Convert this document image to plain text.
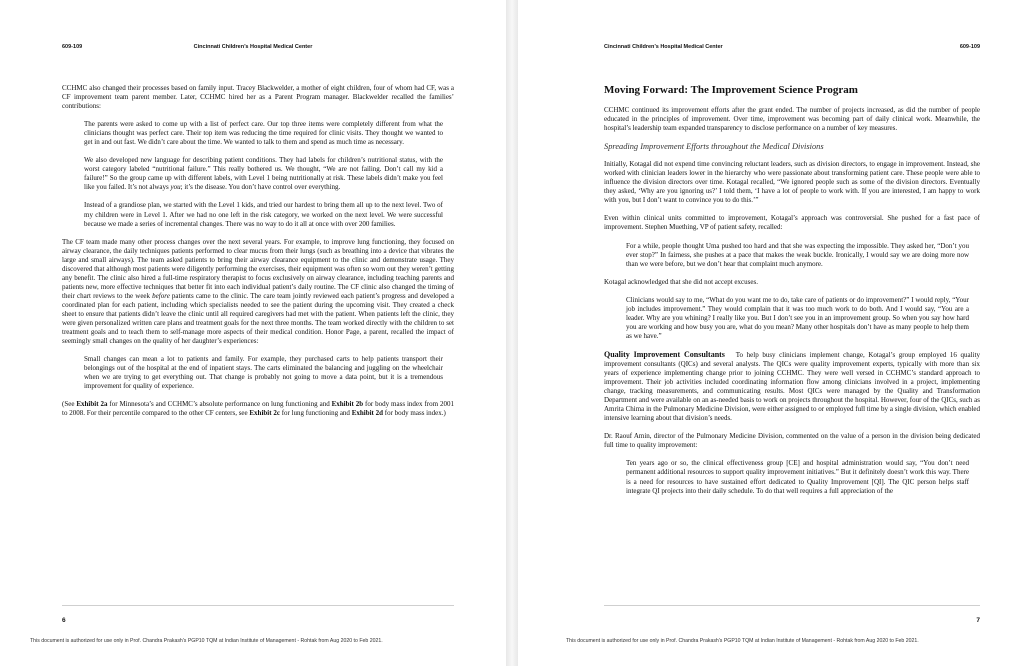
609-109	Cincinnati Children’s Hospital Medical Center

CCHMC also changed their processes based on family input. Tracey Blackwelder, a mother of eight children, four of whom had CF, was a CF improvement team parent member. Later, CCHMC hired her as a Parent Program manager. Blackwelder recalled the families’ contributions:

The parents were asked to come up with a list of perfect care. Our top three items were completely different from what the clinicians thought was perfect care. Their top item was reducing the time required for clinic visits. They thought we wanted to get in and out fast. We didn’t care about the time. We wanted to talk to them and spend as much time as necessary.

We also developed new language for describing patient conditions. They had labels for children’s nutritional status, with the worst category labeled “nutritional failure.” This really bothered us. We thought, “We are not failing. Don’t call my kid a failure!” So the group came up with different labels, with Level 1 being nutritionally at risk. These labels didn’t make you feel like you failed. It’s not always you; it’s the disease. You don’t have control over everything.

Instead of a grandiose plan, we started with the Level 1 kids, and tried our hardest to bring them all up to the next level. Two of my children were in Level 1. After we had no one left in the risk category, we worked on the next level. We were successful because we made a series of incremental changes. There was no way to do it all at once with over 200 families.

The CF team made many other process changes over the next several years. For example, to improve lung functioning, they focused on airway clearance, the daily techniques patients performed to clear mucus from their lungs (such as breathing into a device that vibrates the large and small airways). The team asked patients to bring their airway clearance equipment to the clinic and demonstrate usage. They discovered that although most patients were diligently performing the exercises, their equipment was often so worn out they weren’t getting any benefit. The clinic also hired a full-time respiratory therapist to focus exclusively on airway clearance, including teaching parents and patients new, more effective techniques that better fit into each individual patient’s daily routine. The CF clinic also changed the timing of their chart reviews to the week before patients came to the clinic. The care team jointly reviewed each patient’s progress and developed a coordinated plan for each patient, including which specialists needed to see the patient during the upcoming visit. They created a check sheet to ensure that patients didn’t leave the clinic until all required caregivers had met with the patient. When patients left the clinic, they were given personalized written care plans and treatment goals for the next three months. The team worked directly with the children to set treatment goals and to teach them to self-manage more aspects of their medical condition. Honor Page, a parent, recalled the impact of seemingly small changes on the quality of her daughter’s experiences:

Small changes can mean a lot to patients and family. For example, they purchased carts to help patients transport their belongings out of the hospital at the end of inpatient stays. The carts eliminated the balancing and juggling on the wheelchair when we are trying to get everything out. That change is probably not going to move a data point, but it is a tremendous improvement for quality of experience.

(See Exhibit 2a for Minnesota’s and CCHMC’s absolute performance on lung functioning and Exhibit 2b for body mass index from 2001 to 2008. For their percentile compared to the other CF centers, see Exhibit 2c for lung functioning and Exhibit 2d for body mass index.)

6
This document is authorized for use only in Prof. Chandra Prakash's PGP10 TQM at Indian Institute of Management - Rohtak from Aug 2020 to Feb 2021.
Cincinnati Children’s Hospital Medical Center	609-109
Moving Forward: The Improvement Science Program

CCHMC continued its improvement efforts after the grant ended. The number of projects increased, as did the number of people educated in the principles of improvement. Over time, improvement was becoming part of daily clinical work. Meanwhile, the hospital’s leadership team expanded transparency to disclose performance on a number of key measures.

Spreading Improvement Efforts throughout the Medical Divisions

Initially, Kotagal did not expend time convincing reluctant leaders, such as division directors, to engage in improvement. Instead, she worked with clinician leaders lower in the hierarchy who were passionate about transforming patient care. These people were able to influence the division directors over time. Kotagal recalled, “We ignored people such as some of the division directors. Eventually they asked, ‘Why are you ignoring us?’ I told them, ‘I have a lot of people to work with. If you are interested, I am happy to work with you, but I don’t want to convince you to do this.’”

Even within clinical units committed to improvement, Kotagal’s approach was controversial. She pushed for a fast pace of improvement. Stephen Muething, VP of patient safety, recalled:

For a while, people thought Uma pushed too hard and that she was expecting the impossible. They asked her, “Don’t you ever stop?” In fairness, she pushes at a pace that makes the weak buckle. Ironically, I would say we are doing more now than we were before, but we don’t hear that complaint much anymore.

Kotagal acknowledged that she did not accept excuses.

Clinicians would say to me, “What do you want me to do, take care of patients or do improvement?” I would reply, “Your job includes improvement.” They would complain that it was too much work to do both. And I would say, “You are a leader. Why are you whining? I really like you. But I don’t see you in an improvement group. So when you say how hard you are working and how busy you are, what do you mean? Many other hospitals don’t have as many people to help them as we have.”

Quality Improvement Consultants To help busy clinicians implement change, Kotagal’s group employed 16 quality improvement consultants (QICs) and several analysts. The QICs were quality improvement experts, typically with more than six years of experience implementing change prior to joining CCHMC. They were well versed in CCHMC’s standard approach to improvement. Their job activities included coordinating information flow among clinicians involved in a project, implementing change, tracking measurements, and communicating results. Most QICs were managed by the Quality and Transformation Department and were available on an as-needed basis to work on projects throughout the hospital. However, four of the QICs, such as Amrita Chima in the Pulmonary Medicine Division, were either assigned to or employed full time by a single division, which enabled intensive learning about that division’s needs.

Dr. Raouf Amin, director of the Pulmonary Medicine Division, commented on the value of a person in the division being dedicated full time to quality improvement:

Ten years ago or so, the clinical effectiveness group [CE] and hospital administration would say, “You don’t need permanent additional resources to support quality improvement initiatives.” But it definitely doesn’t work this way. There is a need for resources to have sustained effort dedicated to Quality Improvement [QI]. The QIC person helps staff integrate QI projects into their daily schedule. To do that well requires a full appreciation of the

7
This document is authorized for use only in Prof. Chandra Prakash's PGP10 TQM at Indian Institute of Management - Rohtak from Aug 2020 to Feb 2021.
